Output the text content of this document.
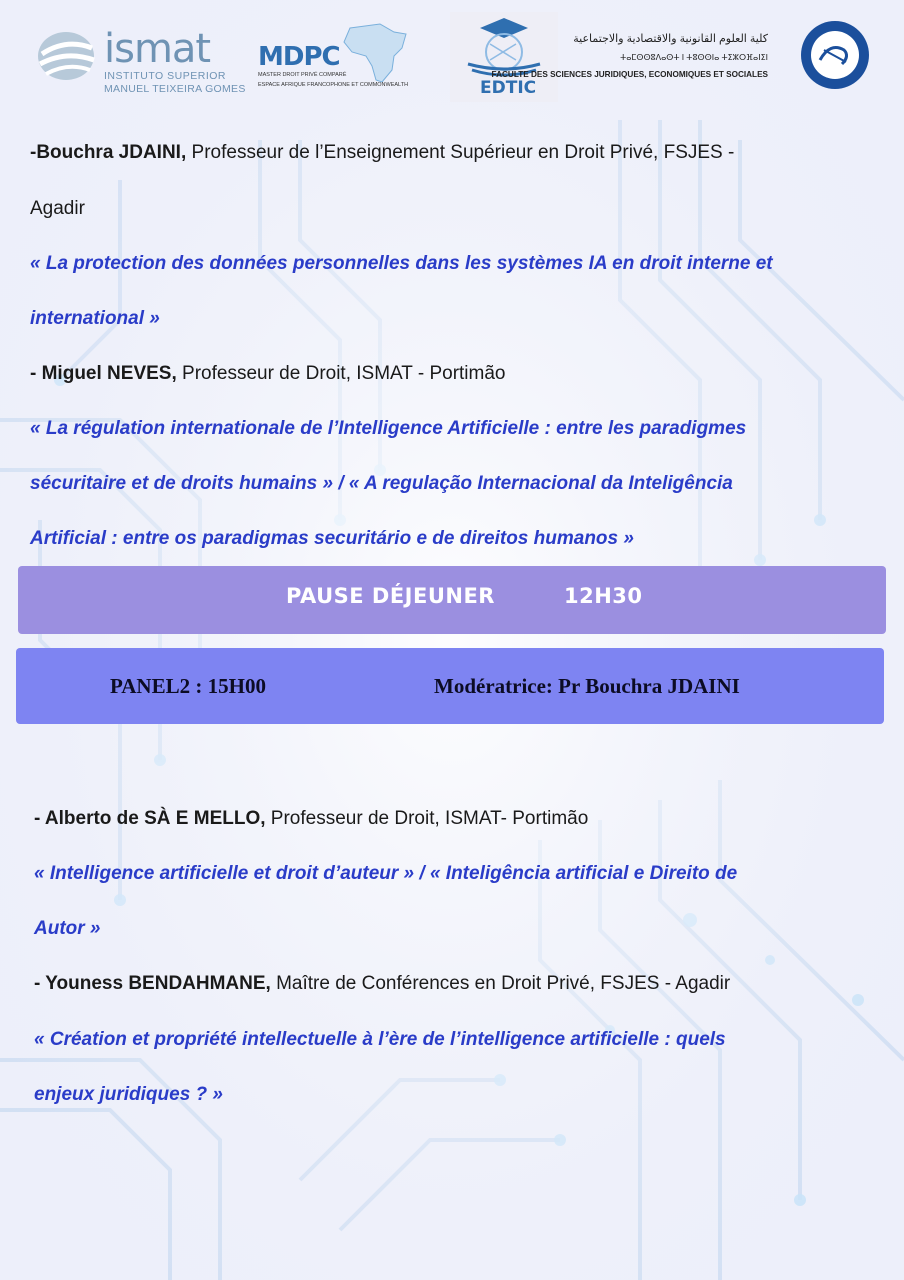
ismat
INSTITUTO SUPERIOR
MANUEL TEIXEIRA GOMES
MDPC
MASTER DROIT PRIVÉ COMPARÉ
ESPACE AFRIQUE FRANCOPHONE ET COMMONWEALTH	EDTIC
كلية العلوم القانونية والاقتصادية والاجتماعية
ⵜⴰⵎⵙⵙⵓⴷⴰⵙⵜ ⵏ ⵜⵓⵙⵙⵏⴰ ⵜⵉⵣⵔⴼⴰⵏⵉⵏ
FACULTE DES SCIENCES JURIDIQUES, ECONOMIQUES ET SOCIALES
-Bouchra JDAINI, Professeur de l’Enseignement Supérieur en Droit Privé, FSJES -
Agadir
« La protection des données personnelles dans les systèmes IA en droit interne et
international »
- Miguel NEVES, Professeur de Droit, ISMAT - Portimão
« La régulation internationale de l’Intelligence Artificielle : entre les paradigmes
sécuritaire et de droits humains » / « A regulação Internacional da Inteligência
Artificial : entre os paradigmas securitário e de direitos humanos »
PAUSE DÉJEUNER	12H30
PANEL2 : 15H00	Modératrice: Pr Bouchra JDAINI
- Alberto de SÀ E MELLO, Professeur de Droit, ISMAT- Portimão
« Intelligence artificielle et droit d’auteur » / « Inteligência artificial e Direito de
Autor »
- Youness BENDAHMANE, Maître de Conférences en Droit Privé, FSJES - Agadir
« Création et propriété intellectuelle à l’ère de l’intelligence artificielle : quels
enjeux juridiques ? »
